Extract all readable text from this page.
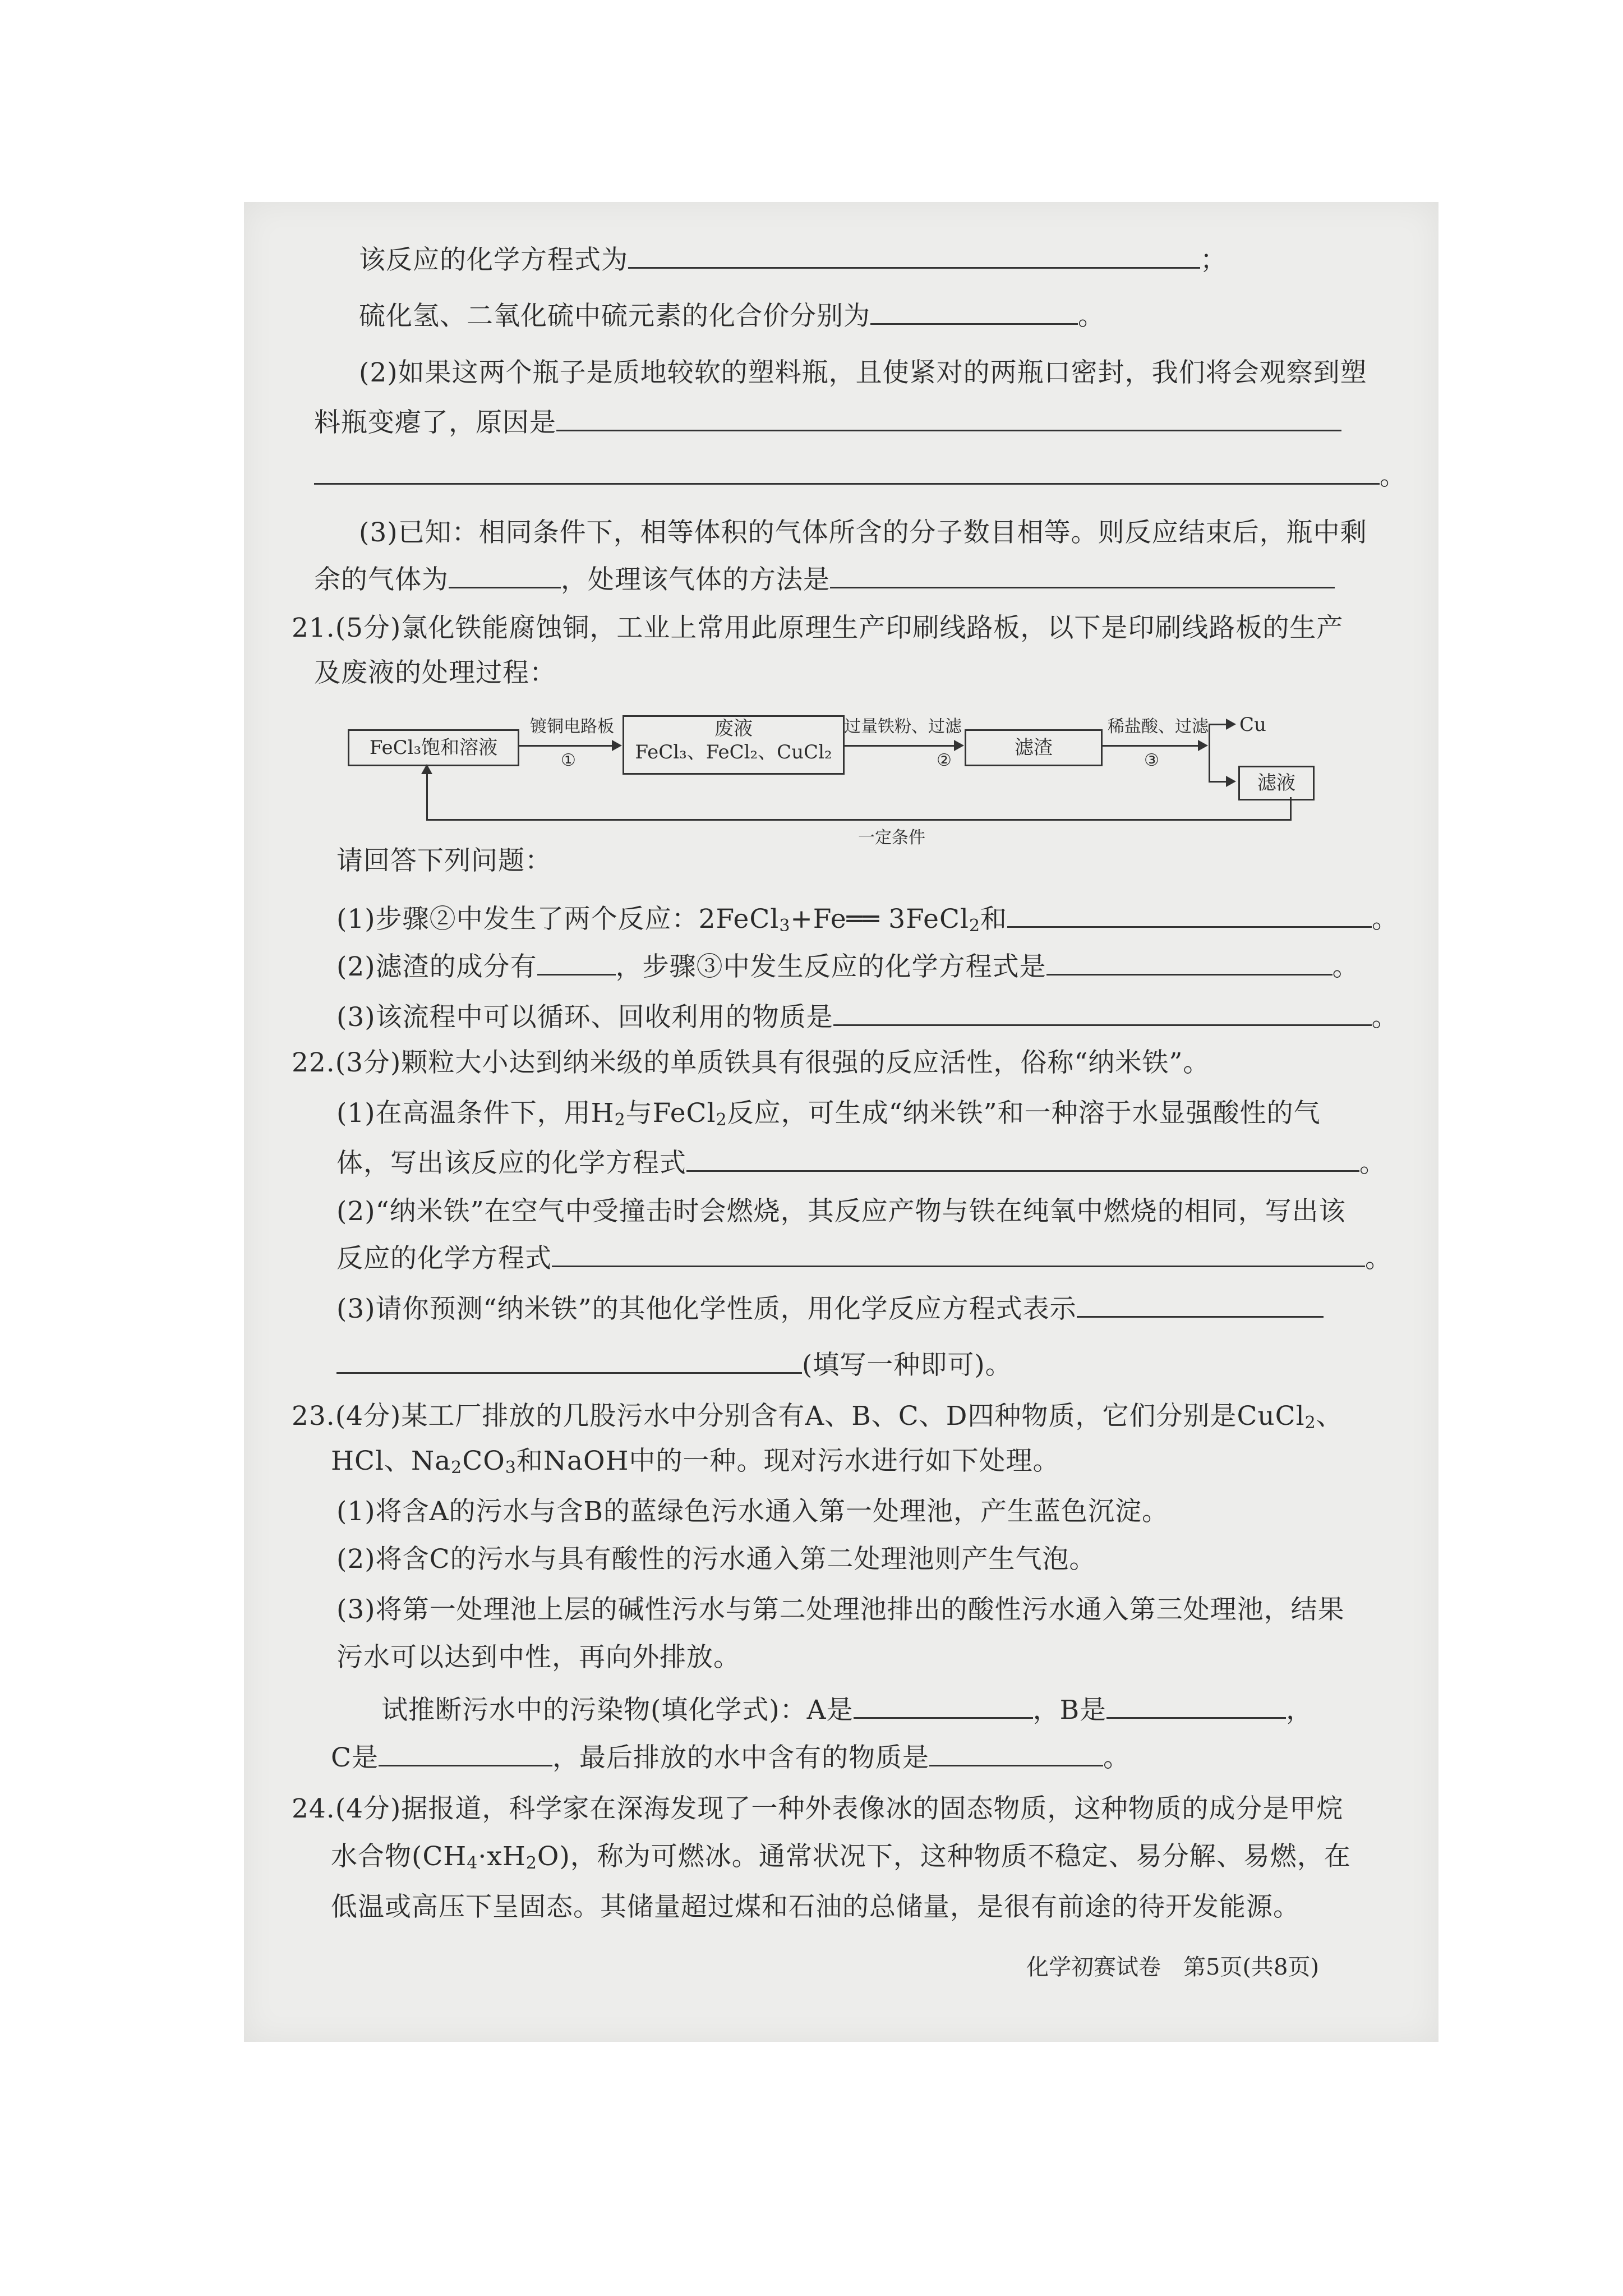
该反应的化学方程式为	；
硫化氢、二氧化硫中硫元素的化合价分别为	。
(2)如果这两个瓶子是质地较软的塑料瓶，且使紧对的两瓶口密封，我们将会观察到塑
料瓶变瘪了，原因是
。
(3)已知：相同条件下，相等体积的气体所含的分子数目相等。则反应结束后，瓶中剩
余的气体为	，处理该气体的方法是
21.(5分)氯化铁能腐蚀铜，工业上常用此原理生产印刷线路板，以下是印刷线路板的生产
及废液的处理过程：
FeCl₃饱和溶液
镀铜电路板
①
废液
FeCl₃、FeCl₂、CuCl₂
过量铁粉、过滤
②
滤渣
稀盐酸、过滤
③
Cu
滤液
一定条件
请回答下列问题：
(1)步骤②中发生了两个反应：2FeCl$_3$+Fe══ 3FeCl$_2$和	。
(2)滤渣的成分有	，步骤③中发生反应的化学方程式是	。
(3)该流程中可以循环、回收利用的物质是	。
22.(3分)颗粒大小达到纳米级的单质铁具有很强的反应活性，俗称“纳米铁”。
(1)在高温条件下，用$H_2$与FeCl$_2$反应，可生成“纳米铁”和一种溶于水显强酸性的气
体，写出该反应的化学方程式	。
(2)“纳米铁”在空气中受撞击时会燃烧，其反应产物与铁在纯氧中燃烧的相同，写出该
反应的化学方程式	。
(3)请你预测“纳米铁”的其他化学性质，用化学反应方程式表示
(填写一种即可)。
23.(4分)某工厂排放的几股污水中分别含有A、B、C、D四种物质，它们分别是CuCl$_2$、
HCl、$Na_2CO_3$和NaOH中的一种。现对污水进行如下处理。
(1)将含A的污水与含B的蓝绿色污水通入第一处理池，产生蓝色沉淀。
(2)将含C的污水与具有酸性的污水通入第二处理池则产生气泡。
(3)将第一处理池上层的碱性污水与第二处理池排出的酸性污水通入第三处理池，结果
污水可以达到中性，再向外排放。
试推断污水中的污染物(填化学式)：A是	，B是	，
C是	，最后排放的水中含有的物质是	。
24.(4分)据报道，科学家在深海发现了一种外表像冰的固态物质，这种物质的成分是甲烷
水合物$(CH_4\cdot xH_2O)$，称为可燃冰。通常状况下，这种物质不稳定、易分解、易燃，在
低温或高压下呈固态。其储量超过煤和石油的总储量，是很有前途的待开发能源。
化学初赛试卷　第5页(共8页)
